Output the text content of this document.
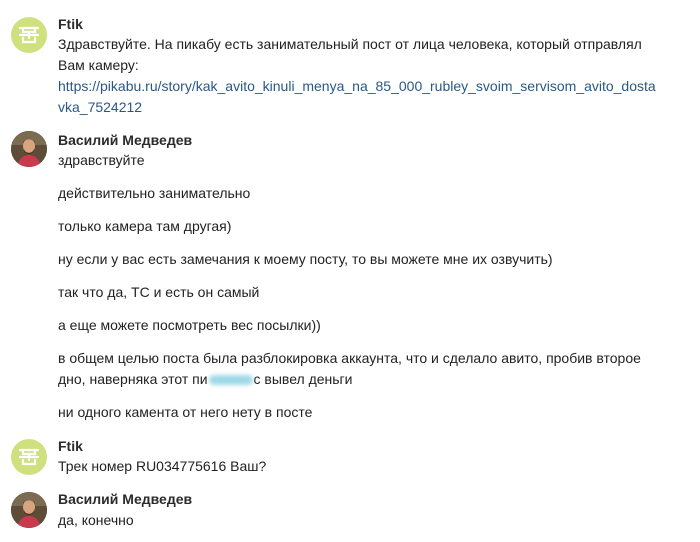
Ftik
Здравствуйте. На пикабу есть занимательный пост от лица человека, который отправлял
Вам камеру:
https://pikabu.ru/story/kak_avito_kinuli_menya_na_85_000_rubley_svoim_servisom_avito_dosta
vka_7524212
Василий Медведев
здравствуйте
действительно занимательно
только камера там другая)
ну если у вас есть замечания к моему посту, то вы можете мне их озвучить)
так что да, ТС и есть он самый
а еще можете посмотреть вес посылки))
в общем целью поста была разблокировка аккаунта, что и сделало авито, пробив второе
дно, наверняка этот пи	с вывел деньги
ни одного камента от него нету в посте
Ftik
Трек номер RU034775616 Ваш?
Василий Медведев
да, конечно
